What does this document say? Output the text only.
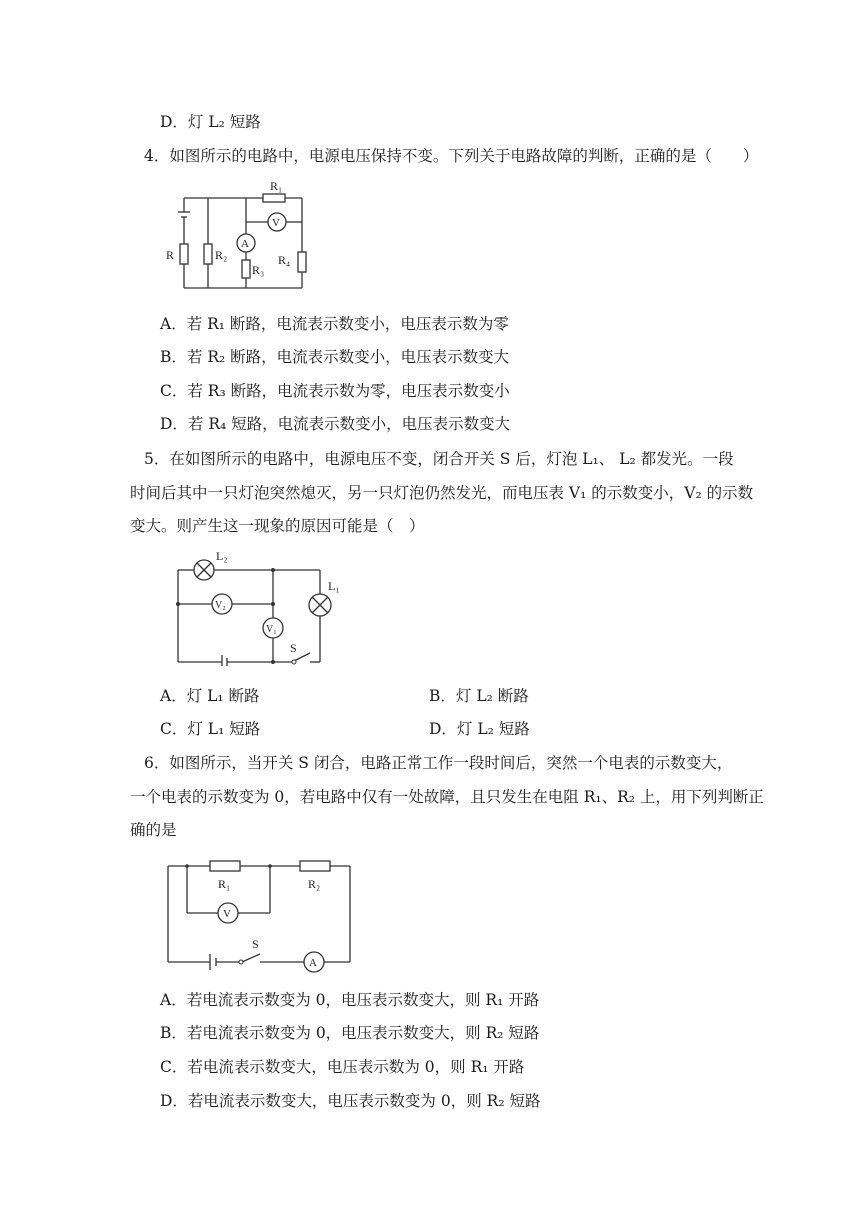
D．灯 L₂ 短路
4．如图所示的电路中，电源电压保持不变。下列关于电路故障的判断，正确的是（　　）
R₁
R	R₂
R₃
R₄
A
V
A．若 R₁ 断路，电流表示数变小，电压表示数为零
B．若 R₂ 断路，电流表示数变小，电压表示数变大
C．若 R₃ 断路，电流表示数为零，电压表示数变小
D．若 R₄ 短路，电流表示数变小，电压表示数变大
5．在如图所示的电路中，电源电压不变，闭合开关 S 后，灯泡 L₁、 L₂ 都发光。一段
时间后其中一只灯泡突然熄灭，另一只灯泡仍然发光，而电压表 V₁ 的示数变小，V₂ 的示数
变大。则产生这一现象的原因可能是（　）
L₂
L₁
V₂
V₁
S
A．灯 L₁ 断路	B．灯 L₂ 断路
C．灯 L₁ 短路	D．灯 L₂ 短路
6．如图所示，当开关 S 闭合，电路正常工作一段时间后，突然一个电表的示数变大，
一个电表的示数变为 0，若电路中仅有一处故障，且只发生在电阻 R₁、R₂ 上，用下列判断正
确的是
R₁	R₂
V
S
A
A．若电流表示数变为 0，电压表示数变大，则 R₁ 开路
B．若电流表示数变为 0，电压表示数变大，则 R₂ 短路
C．若电流表示数变大，电压表示数为 0，则 R₁ 开路
D．若电流表示数变大，电压表示数变为 0，则 R₂ 短路
